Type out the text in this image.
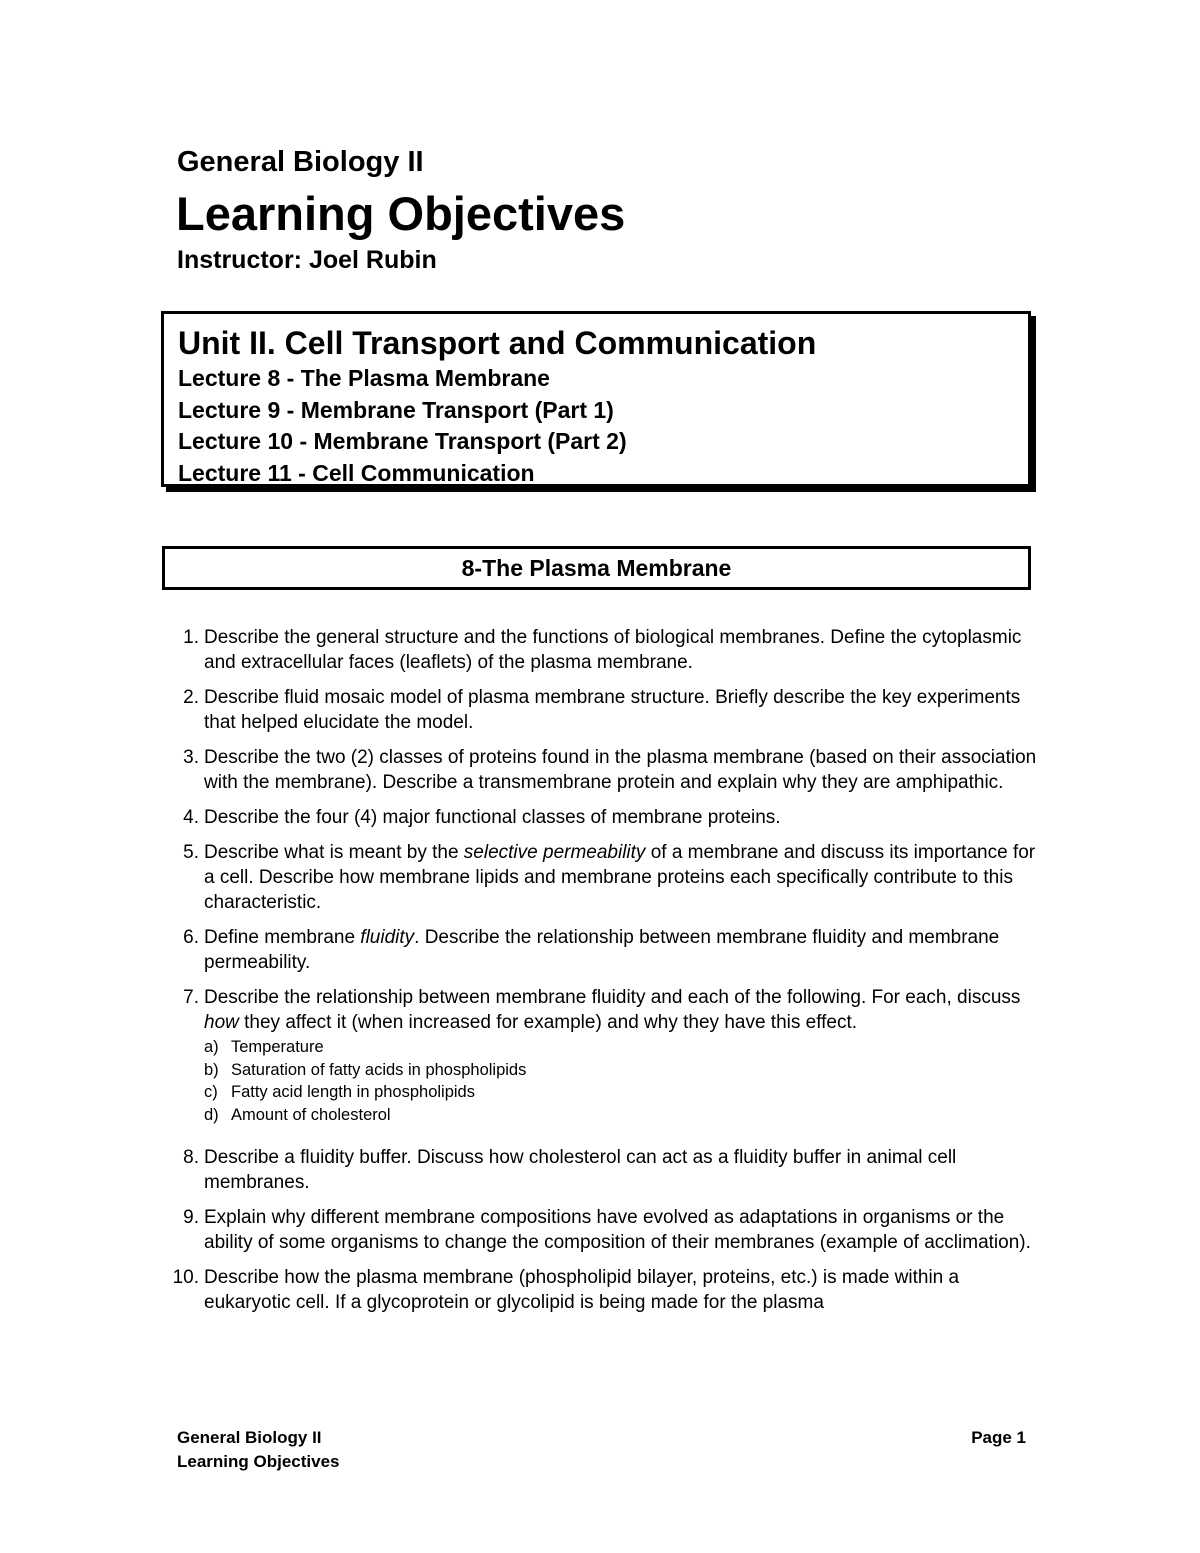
General Biology II
Learning Objectives
Instructor: Joel Rubin
Unit II. Cell Transport and Communication
Lecture 8 - The Plasma Membrane
Lecture 9 - Membrane Transport (Part 1)
Lecture 10 - Membrane Transport (Part 2)
Lecture 11 - Cell Communication
8-The Plasma Membrane
1. Describe the general structure and the functions of biological membranes. Define the cytoplasmic and extracellular faces (leaflets) of the plasma membrane.
2. Describe fluid mosaic model of plasma membrane structure. Briefly describe the key experiments that helped elucidate the model.
3. Describe the two (2) classes of proteins found in the plasma membrane (based on their association with the membrane). Describe a transmembrane protein and explain why they are amphipathic.
4. Describe the four (4) major functional classes of membrane proteins.
5. Describe what is meant by the selective permeability of a membrane and discuss its importance for a cell. Describe how membrane lipids and membrane proteins each specifically contribute to this characteristic.
6. Define membrane fluidity. Describe the relationship between membrane fluidity and membrane permeability.
7. Describe the relationship between membrane fluidity and each of the following. For each, discuss how they affect it (when increased for example) and why they have this effect.
a) Temperature
b) Saturation of fatty acids in phospholipids
c) Fatty acid length in phospholipids
d) Amount of cholesterol
8. Describe a fluidity buffer. Discuss how cholesterol can act as a fluidity buffer in animal cell membranes.
9. Explain why different membrane compositions have evolved as adaptations in organisms or the ability of some organisms to change the composition of their membranes (example of acclimation).
10. Describe how the plasma membrane (phospholipid bilayer, proteins, etc.) is made within a eukaryotic cell. If a glycoprotein or glycolipid is being made for the plasma
General Biology II
Learning Objectives
Page 1
